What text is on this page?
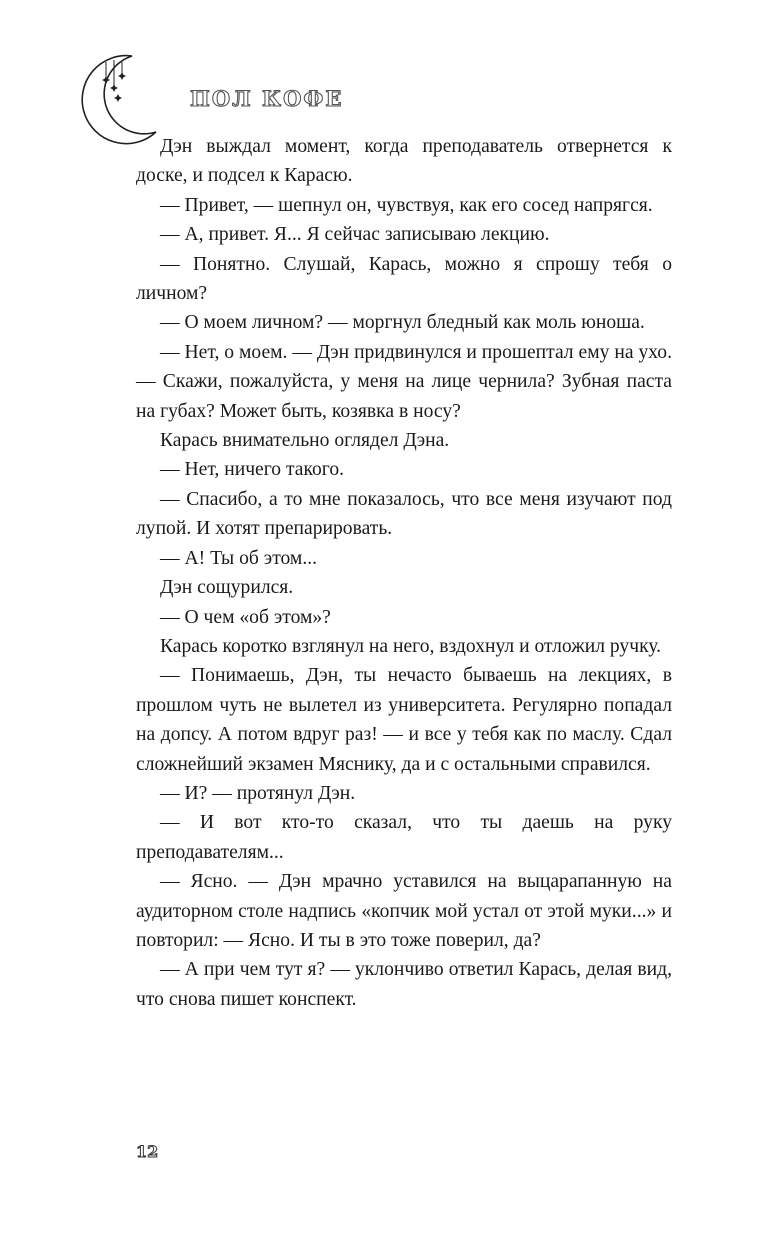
ПОЛ КОФЕ

Дэн выждал момент, когда преподаватель отвернется к доске, и подсел к Карасю.

— Привет, — шепнул он, чувствуя, как его сосед напрягся.

— А, привет. Я... Я сейчас записываю лекцию.

— Понятно. Слушай, Карась, можно я спрошу тебя о личном?

— О моем личном? — моргнул бледный как моль юноша.

— Нет, о моем. — Дэн придвинулся и прошептал ему на ухо. — Скажи, пожалуйста, у меня на лице чернила? Зубная паста на губах? Может быть, козявка в носу?

Карась внимательно оглядел Дэна.

— Нет, ничего такого.

— Спасибо, а то мне показалось, что все меня изучают под лупой. И хотят препарировать.

— А! Ты об этом...

Дэн сощурился.

— О чем «об этом»?

Карась коротко взглянул на него, вздохнул и отложил ручку.

— Понимаешь, Дэн, ты нечасто бываешь на лекциях, в прошлом чуть не вылетел из университета. Регулярно попадал на допсу. А потом вдруг раз! — и все у тебя как по маслу. Сдал сложнейший экзамен Мяснику, да и с остальными справился.

— И? — протянул Дэн.

— И вот кто-то сказал, что ты даешь на руку преподавателям...

— Ясно. — Дэн мрачно уставился на выцарапанную на аудиторном столе надпись «копчик мой устал от этой муки...» и повторил: — Ясно. И ты в это тоже поверил, да?

— А при чем тут я? — уклончиво ответил Карась, делая вид, что снова пишет конспект.

12
